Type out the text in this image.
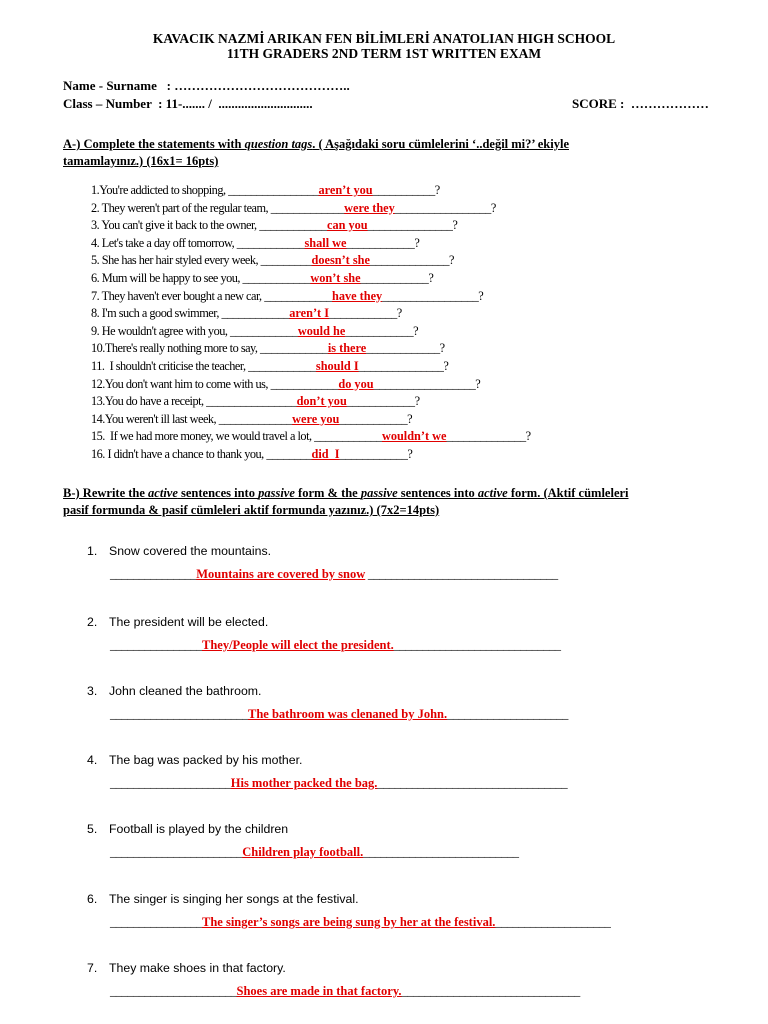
KAVACIK NAZMİ ARIKAN FEN BİLİMLERİ ANATOLIAN HIGH SCHOOL
11TH GRADERS 2ND TERM 1ST WRITTEN EXAM
Name - Surname   : …………………………………..
Class – Number  : 11-....... /  .............................	SCORE :  ………………
A-) Complete the statements with question tags. ( Aşağıdaki soru cümlelerini ‘..değil mi?’ ekiyle
tamamlayınız.) (16x1= 16pts)
1.You're addicted to shopping, ________________aren’t you___________?
2. They weren't part of the regular team, _____________were they_________________?
3. You can't give it back to the owner, ____________can you_______________?
4. Let's take a day off tomorrow, ____________shall we____________?
5. She has her hair styled every week, _________doesn’t she______________?
6. Mum will be happy to see you, ____________won’t she____________?
7. They haven't ever bought a new car, ____________have they_________________?
8. I'm such a good swimmer, ____________aren’t I____________?
9. He wouldn't agree with you, ____________would he____________?
10.There's really nothing more to say, ____________is there_____________?
11.  I shouldn't criticise the teacher, ____________should I_______________?
12.You don't want him to come with us, ____________do you__________________?
13.You do have a receipt, ________________don’t you____________?
14.You weren't ill last week, _____________were you____________?
15.  If we had more money, we would travel a lot, ____________wouldn’t we______________?
16. I didn't have a chance to thank you, ________did  I____________?
B-) Rewrite the active sentences into passive form & the passive sentences into active form. (Aktif cümleleri
pasif formunda & pasif cümleleri aktif formunda yazınız.) (7x2=14pts)
1. Snow covered the mountains.
_______________Mountains are covered by snow _________________________________
2. The president will be elected.
________________They/People will elect the president._____________________________
3. John cleaned the bathroom.
________________________The bathroom was clenaned by John._____________________
4. The bag was packed by his mother.
_____________________His mother packed the bag._________________________________
5. Football is played by the children
_______________________Children play football.___________________________
6. The singer is singing her songs at the festival.
________________The singer’s songs are being sung by her at the festival.____________________
7. They make shoes in that factory.
______________________Shoes are made in that factory._______________________________
